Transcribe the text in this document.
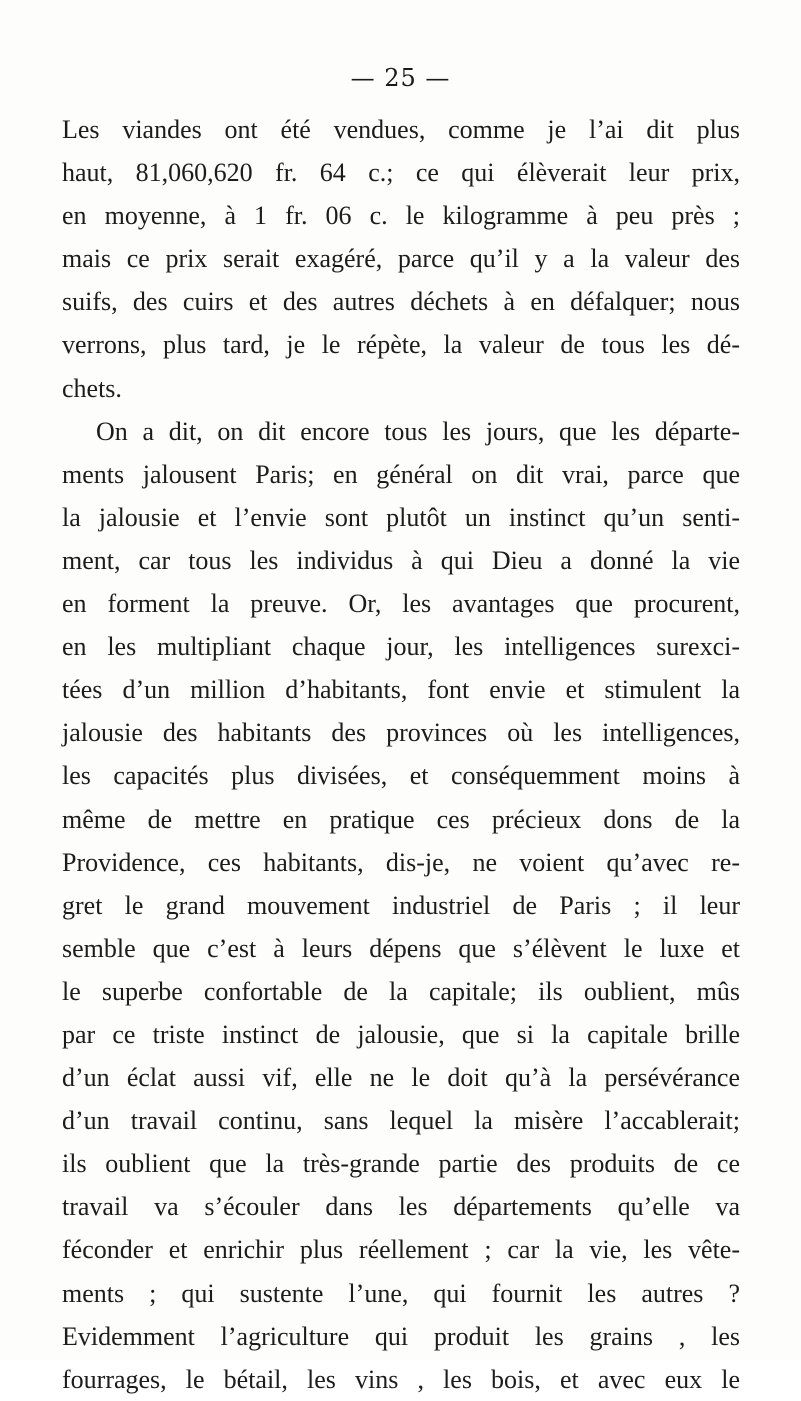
— 25 —
Les viandes ont été vendues, comme je l’ai dit plus
haut, 81,060,620 fr. 64 c.; ce qui élèverait leur prix,
en moyenne, à 1 fr. 06 c. le kilogramme à peu près ;
mais ce prix serait exagéré, parce qu’il y a la valeur des
suifs, des cuirs et des autres déchets à en défalquer; nous
verrons, plus tard, je le répète, la valeur de tous les dé-
chets.
On a dit, on dit encore tous les jours, que les départe-
ments jalousent Paris; en général on dit vrai, parce que
la jalousie et l’envie sont plutôt un instinct qu’un senti-
ment, car tous les individus à qui Dieu a donné la vie
en forment la preuve. Or, les avantages que procurent,
en les multipliant chaque jour, les intelligences surexci-
tées d’un million d’habitants, font envie et stimulent la
jalousie des habitants des provinces où les intelligences,
les capacités plus divisées, et conséquemment moins à
même de mettre en pratique ces précieux dons de la
Providence, ces habitants, dis-je, ne voient qu’avec re-
gret le grand mouvement industriel de Paris ; il leur
semble que c’est à leurs dépens que s’élèvent le luxe et
le superbe confortable de la capitale; ils oublient, mûs
par ce triste instinct de jalousie, que si la capitale brille
d’un éclat aussi vif, elle ne le doit qu’à la persévérance
d’un travail continu, sans lequel la misère l’accablerait;
ils oublient que la très-grande partie des produits de ce
travail va s’écouler dans les départements qu’elle va
féconder et enrichir plus réellement ; car la vie, les vête-
ments ; qui sustente l’une, qui fournit les autres ?
Evidemment l’agriculture qui produit les grains , les
fourrages, le bétail, les vins , les bois, et avec eux le
